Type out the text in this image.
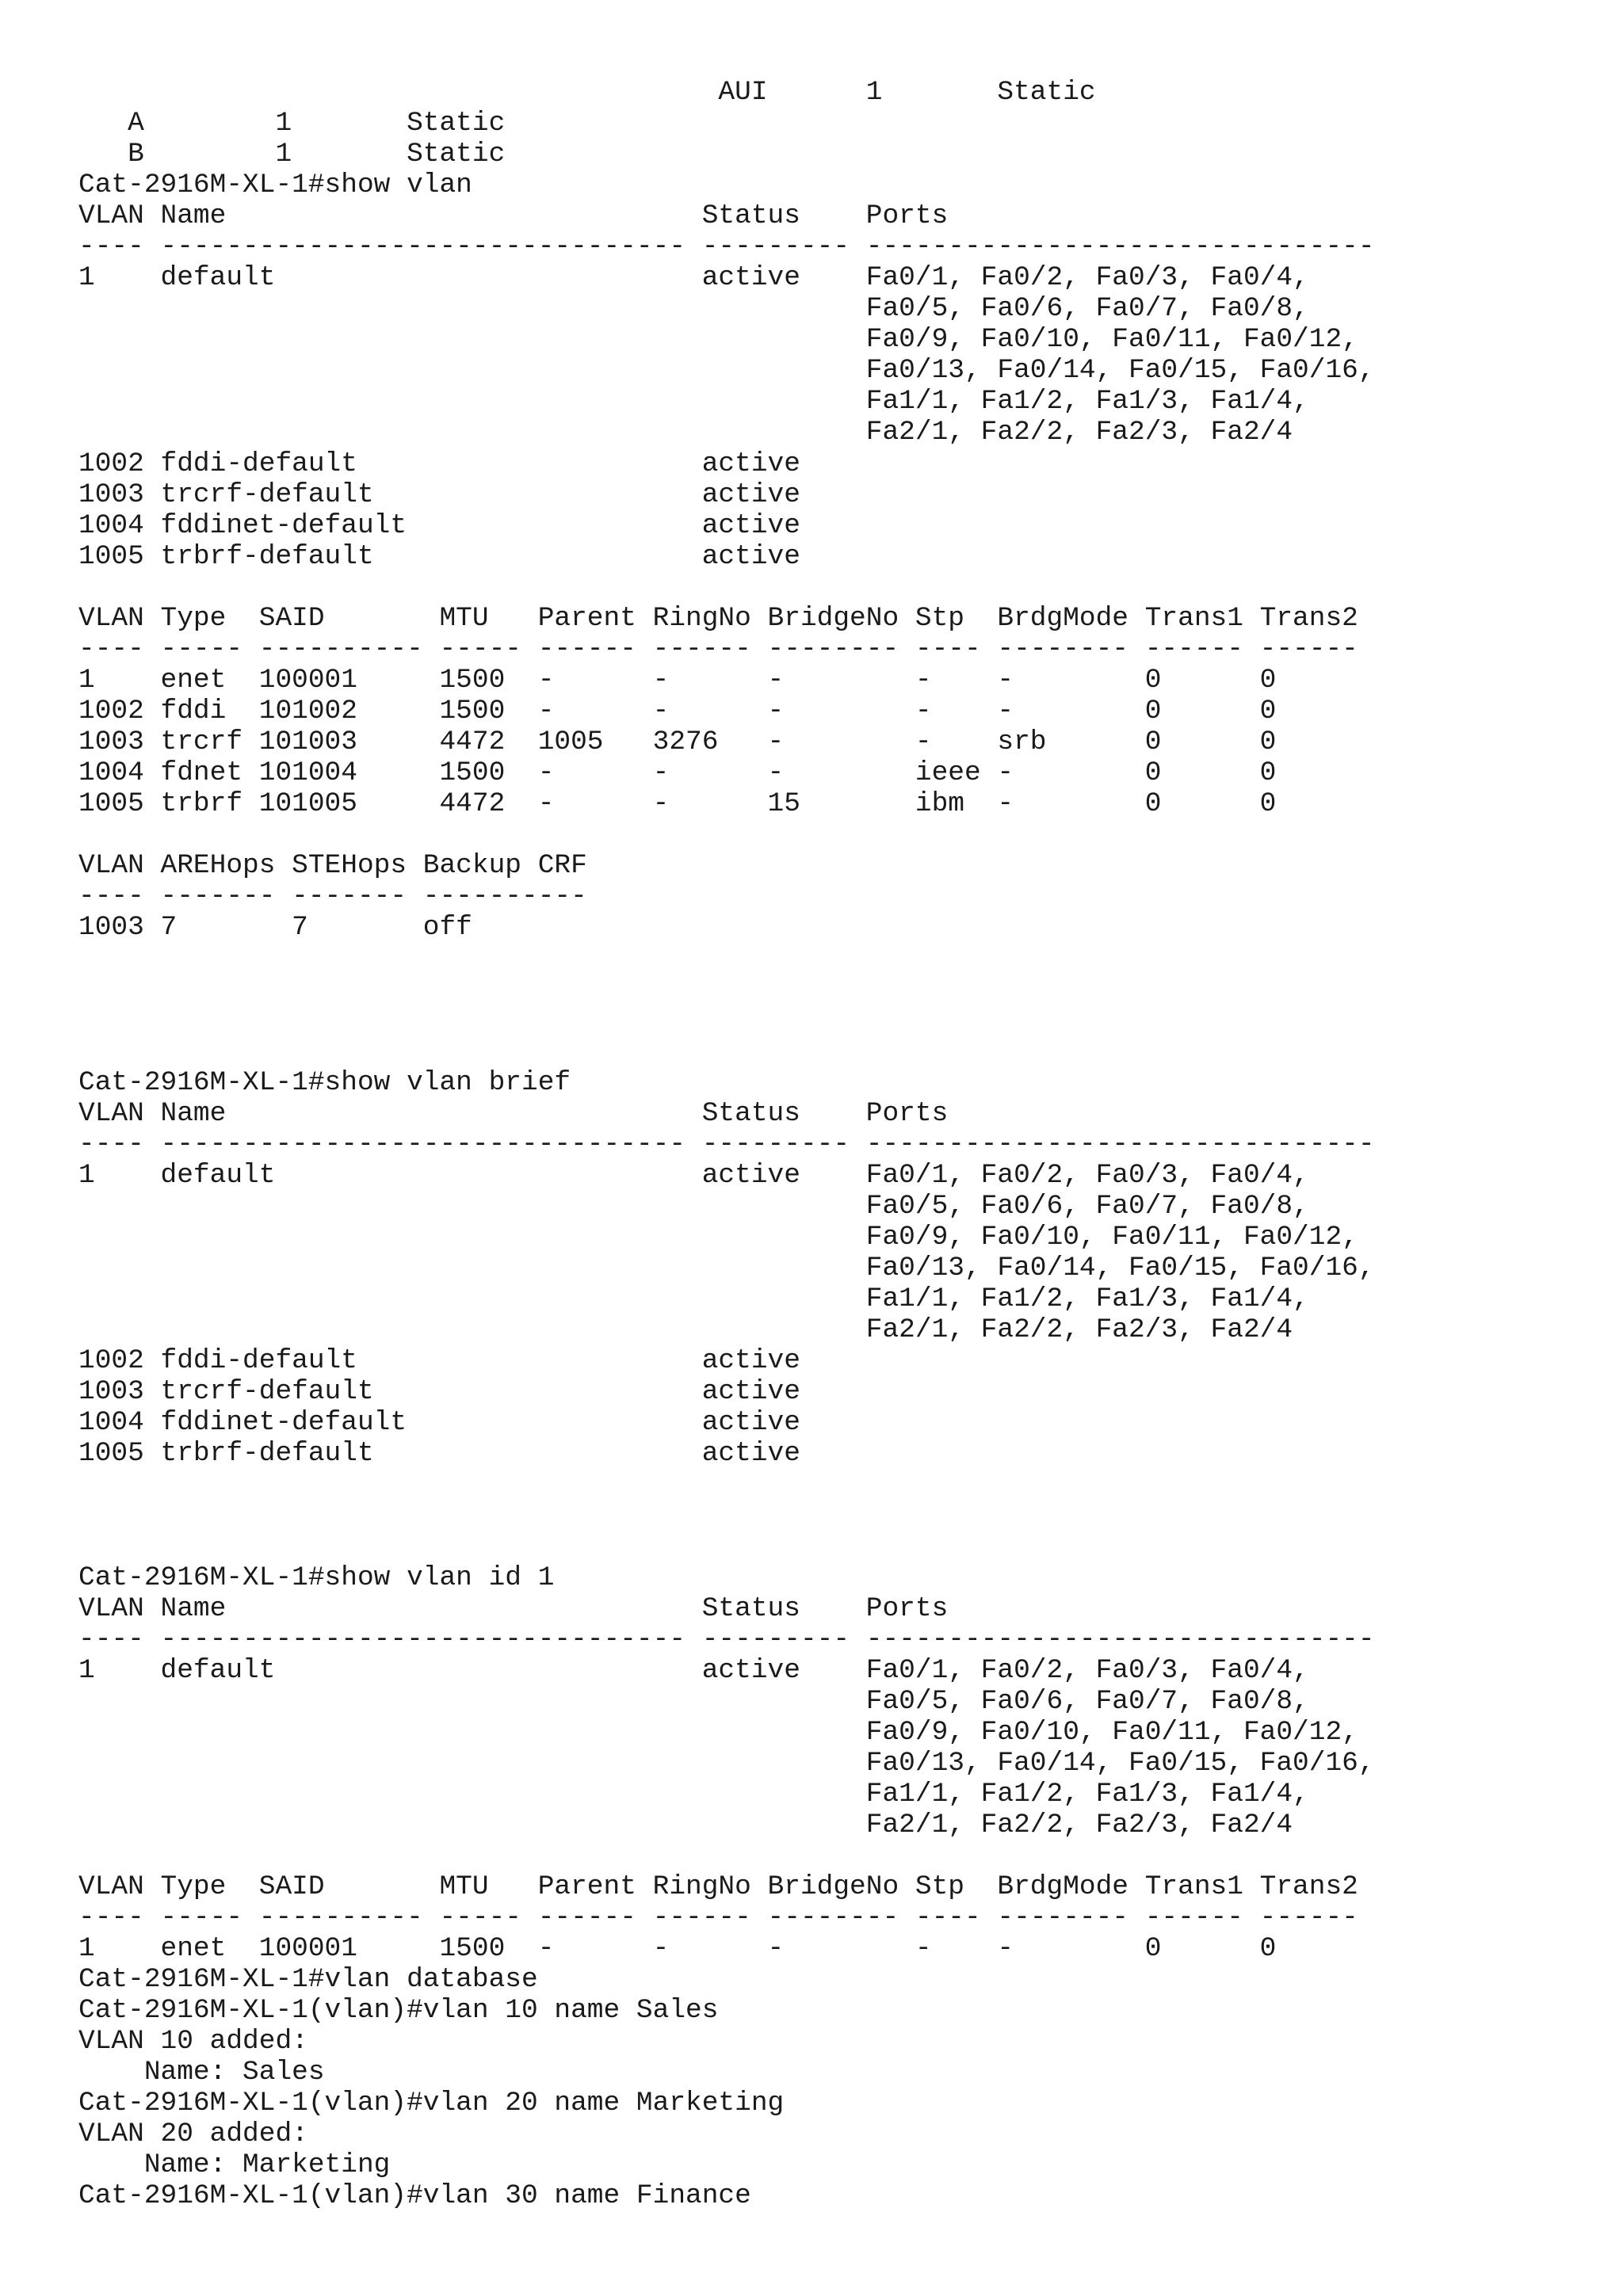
AUI      1       Static
A        1       Static
B        1       Static
Cat-2916M-XL-1#show vlan
VLAN Name                             Status    Ports
---- -------------------------------- --------- -------------------------------
1    default                          active    Fa0/1, Fa0/2, Fa0/3, Fa0/4,
Fa0/5, Fa0/6, Fa0/7, Fa0/8,
Fa0/9, Fa0/10, Fa0/11, Fa0/12,
Fa0/13, Fa0/14, Fa0/15, Fa0/16,
Fa1/1, Fa1/2, Fa1/3, Fa1/4,
Fa2/1, Fa2/2, Fa2/3, Fa2/4
1002 fddi-default                     active
1003 trcrf-default                    active
1004 fddinet-default                  active
1005 trbrf-default                    active
VLAN Type  SAID       MTU   Parent RingNo BridgeNo Stp  BrdgMode Trans1 Trans2
---- ----- ---------- ----- ------ ------ -------- ---- -------- ------ ------
1    enet  100001     1500  -      -      -        -    -        0      0
1002 fddi  101002     1500  -      -      -        -    -        0      0
1003 trcrf 101003     4472  1005   3276   -        -    srb      0      0
1004 fdnet 101004     1500  -      -      -        ieee -        0      0
1005 trbrf 101005     4472  -      -      15       ibm  -        0      0
VLAN AREHops STEHops Backup CRF
---- ------- ------- ----------
1003 7       7       off
Cat-2916M-XL-1#show vlan brief
VLAN Name                             Status    Ports
---- -------------------------------- --------- -------------------------------
1    default                          active    Fa0/1, Fa0/2, Fa0/3, Fa0/4,
Fa0/5, Fa0/6, Fa0/7, Fa0/8,
Fa0/9, Fa0/10, Fa0/11, Fa0/12,
Fa0/13, Fa0/14, Fa0/15, Fa0/16,
Fa1/1, Fa1/2, Fa1/3, Fa1/4,
Fa2/1, Fa2/2, Fa2/3, Fa2/4
1002 fddi-default                     active
1003 trcrf-default                    active
1004 fddinet-default                  active
1005 trbrf-default                    active
Cat-2916M-XL-1#show vlan id 1
VLAN Name                             Status    Ports
---- -------------------------------- --------- -------------------------------
1    default                          active    Fa0/1, Fa0/2, Fa0/3, Fa0/4,
Fa0/5, Fa0/6, Fa0/7, Fa0/8,
Fa0/9, Fa0/10, Fa0/11, Fa0/12,
Fa0/13, Fa0/14, Fa0/15, Fa0/16,
Fa1/1, Fa1/2, Fa1/3, Fa1/4,
Fa2/1, Fa2/2, Fa2/3, Fa2/4
VLAN Type  SAID       MTU   Parent RingNo BridgeNo Stp  BrdgMode Trans1 Trans2
---- ----- ---------- ----- ------ ------ -------- ---- -------- ------ ------
1    enet  100001     1500  -      -      -        -    -        0      0
Cat-2916M-XL-1#vlan database
Cat-2916M-XL-1(vlan)#vlan 10 name Sales
VLAN 10 added:
Name: Sales
Cat-2916M-XL-1(vlan)#vlan 20 name Marketing
VLAN 20 added:
Name: Marketing
Cat-2916M-XL-1(vlan)#vlan 30 name Finance
